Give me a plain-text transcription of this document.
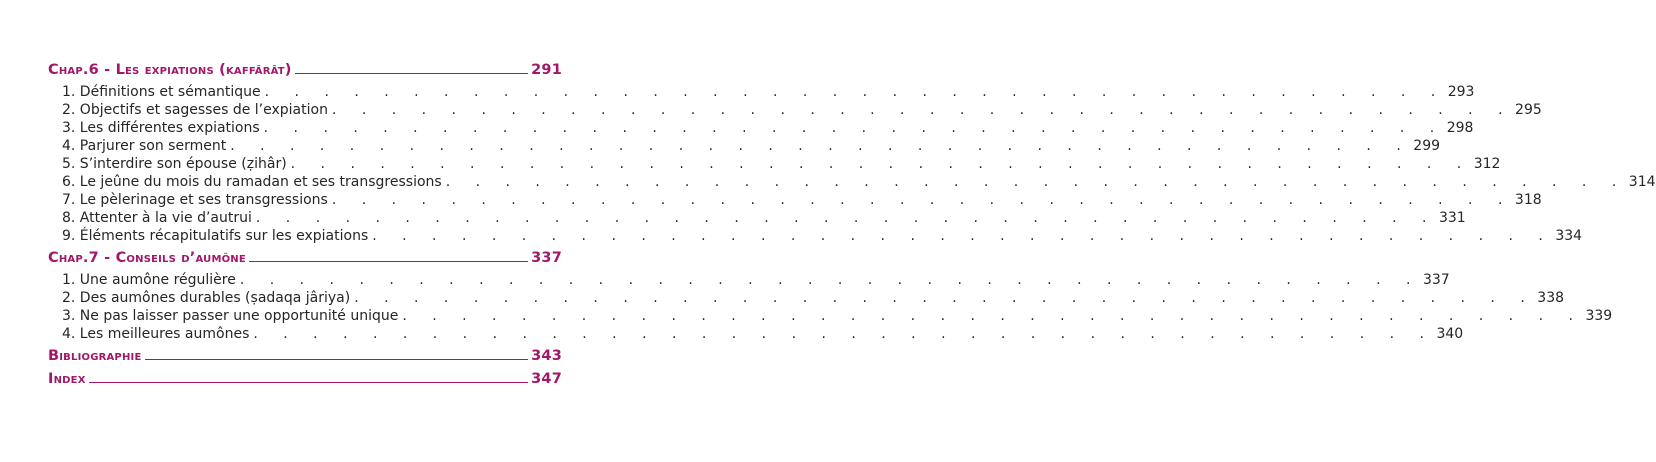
Chap.6 - Les expiations (kaffârât)	291
1. Définitions et sémantique . . . . . . . . . . . . . . . . . . . . . . . . . . . . . . . . . . . . . . . . 293
2. Objectifs et sagesses de l’expiation . . . . . . . . . . . . . . . . . . . . . . . . . . . . . . . . . . . . . . . . 295
3. Les différentes expiations . . . . . . . . . . . . . . . . . . . . . . . . . . . . . . . . . . . . . . . . 298
4. Parjurer son serment . . . . . . . . . . . . . . . . . . . . . . . . . . . . . . . . . . . . . . . . 299
5. S’interdire son épouse (ẓihâr) . . . . . . . . . . . . . . . . . . . . . . . . . . . . . . . . . . . . . . . . 312
6. Le jeûne du mois du ramadan et ses transgressions . . . . . . . . . . . . . . . . . . . . . . . . . . . . . . . . . . . . . . . . 314
7. Le pèlerinage et ses transgressions . . . . . . . . . . . . . . . . . . . . . . . . . . . . . . . . . . . . . . . . 318
8. Attenter à la vie d’autrui . . . . . . . . . . . . . . . . . . . . . . . . . . . . . . . . . . . . . . . . 331
9. Éléments récapitulatifs sur les expiations . . . . . . . . . . . . . . . . . . . . . . . . . . . . . . . . . . . . . . . . 334
Chap.7 - Conseils d’aumône	337
1. Une aumône régulière . . . . . . . . . . . . . . . . . . . . . . . . . . . . . . . . . . . . . . . . 337
2. Des aumônes durables (ṣadaqa jâriya) . . . . . . . . . . . . . . . . . . . . . . . . . . . . . . . . . . . . . . . . 338
3. Ne pas laisser passer une opportunité unique . . . . . . . . . . . . . . . . . . . . . . . . . . . . . . . . . . . . . . . . 339
4. Les meilleures aumônes . . . . . . . . . . . . . . . . . . . . . . . . . . . . . . . . . . . . . . . . 340
Bibliographie	343
Index	347
